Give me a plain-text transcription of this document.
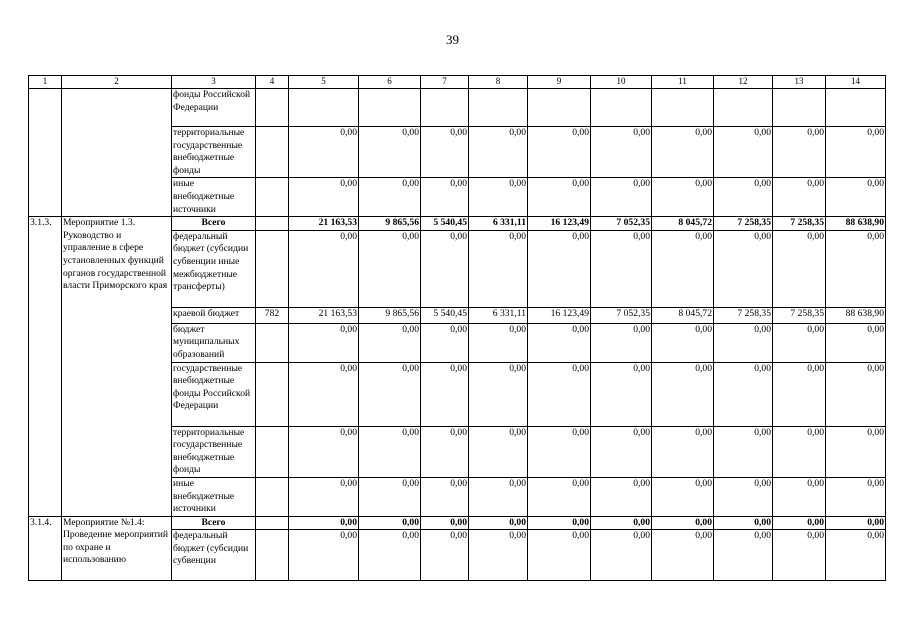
39
1	2	3	4	5	6	7	8	9	10	11	12	13	14
		фонды Российской Федерации											
		территориальные государственные внебюджетные фонды		0,00	0,00	0,00	0,00	0,00	0,00	0,00	0,00	0,00	0,00
		иные внебюджетные источники		0,00	0,00	0,00	0,00	0,00	0,00	0,00	0,00	0,00	0,00
3.1.3.	Мероприятие 1.3. Руководство и управление в сфере установленных функций органов государственной власти Приморского края	Всего		21 163,53	9 865,56	5 540,45	6 331,11	16 123,49	7 052,35	8 045,72	7 258,35	7 258,35	88 638,90
		федеральный бюджет (субсидии субвенции иные межбюджетные трансферты)		0,00	0,00	0,00	0,00	0,00	0,00	0,00	0,00	0,00	0,00
		краевой бюджет	782	21 163,53	9 865,56	5 540,45	6 331,11	16 123,49	7 052,35	8 045,72	7 258,35	7 258,35	88 638,90
		бюджет муниципальных образований		0,00	0,00	0,00	0,00	0,00	0,00	0,00	0,00	0,00	0,00
		государственные внебюджетные фонды Российской Федерации		0,00	0,00	0,00	0,00	0,00	0,00	0,00	0,00	0,00	0,00
		территориальные государственные внебюджетные фонды		0,00	0,00	0,00	0,00	0,00	0,00	0,00	0,00	0,00	0,00
		иные внебюджетные источники		0,00	0,00	0,00	0,00	0,00	0,00	0,00	0,00	0,00	0,00
3.1.4.	Мероприятие №1.4: Проведение мероприятий по охране и использованию	Всего		0,00	0,00	0,00	0,00	0,00	0,00	0,00	0,00	0,00	0,00
		федеральный бюджет (субсидии субвенции		0,00	0,00	0,00	0,00	0,00	0,00	0,00	0,00	0,00	0,00
